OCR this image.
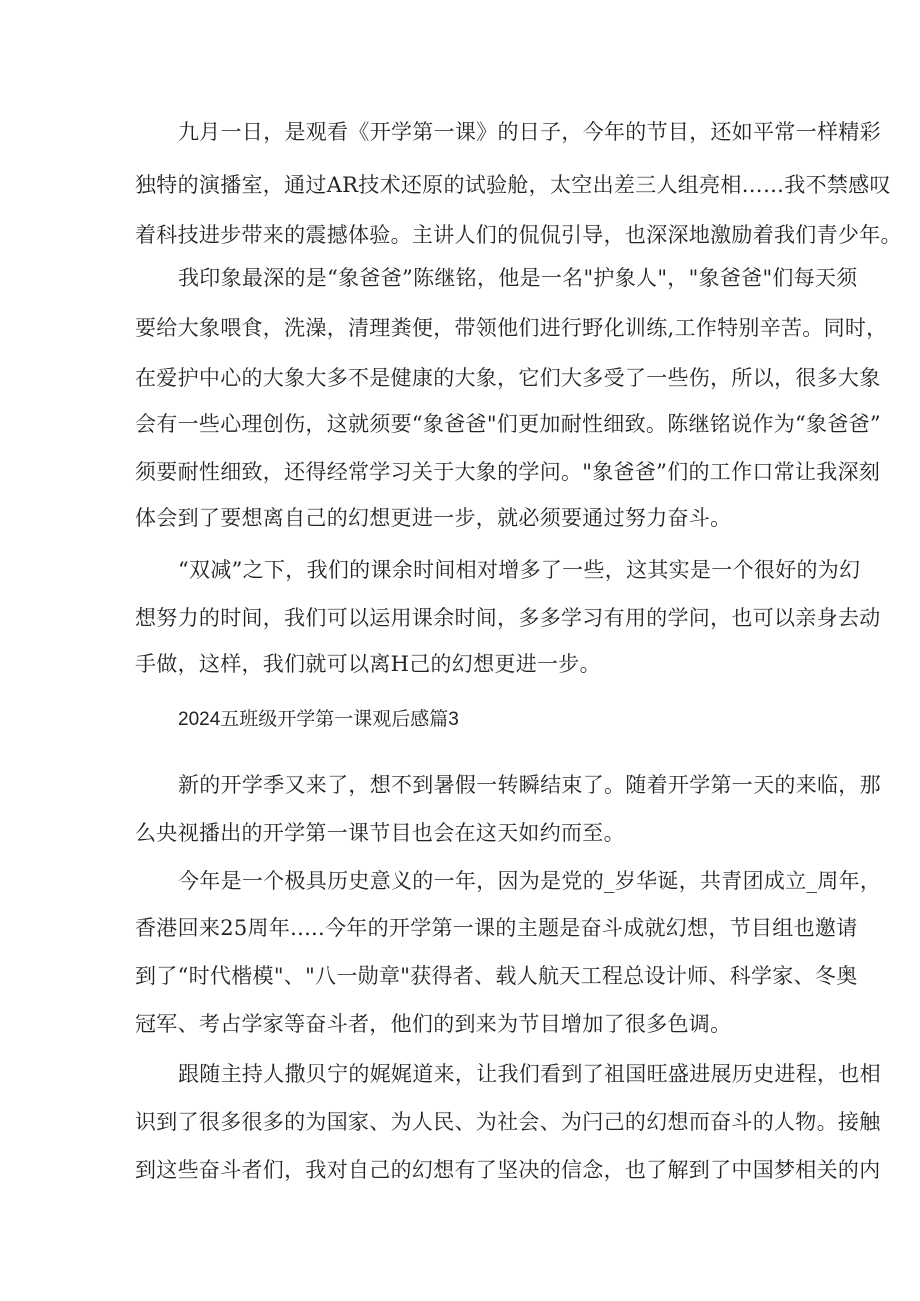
九月一日，是观看《开学第一课》的日子，今年的节目，还如平常一样精彩
独特的演播室，通过AR技术还原的试验舱，太空出差三人组亮相……我不禁感叹
着科技进步带来的震撼体验。主讲人们的侃侃引导，也深深地激励着我们青少年。
我印象最深的是“象爸爸”陈继铭，他是一名"护象人"，"象爸爸"们每天须
要给大象喂食，洗澡，清理粪便，带领他们进行野化训练,工作特别辛苦。同时，
在爱护中心的大象大多不是健康的大象，它们大多受了一些伤，所以，很多大象
会有一些心理创伤，这就须要“象爸爸"们更加耐性细致。陈继铭说作为“象爸爸”
须要耐性细致，还得经常学习关于大象的学问。"象爸爸”们的工作口常让我深刻
体会到了要想离自己的幻想更进一步，就必须要通过努力奋斗。
“双减”之下，我们的课余时间相对增多了一些，这其实是一个很好的为幻
想努力的时间，我们可以运用课余时间，多多学习有用的学问，也可以亲身去动
手做，这样，我们就可以离H己的幻想更进一步。
2024五班级开学第一课观后感篇3
新的开学季又来了，想不到暑假一转瞬结束了。随着开学第一天的来临，那
么央视播出的开学第一课节目也会在这天如约而至。
今年是一个极具历史意义的一年，因为是党的_岁华诞，共青团成立_周年，
香港回来25周年.....今年的开学第一课的主题是奋斗成就幻想，节目组也邀请
到了“时代楷模"、"八一勋章"获得者、载人航天工程总设计师、科学家、冬奥
冠军、考占学家等奋斗者，他们的到来为节目增加了很多色调。
跟随主持人撒贝宁的娓娓道来，让我们看到了祖国旺盛进展历史进程，也相
识到了很多很多的为国家、为人民、为社会、为闩己的幻想而奋斗的人物。接触
到这些奋斗者们，我对自己的幻想有了坚决的信念，也了解到了中国梦相关的内
